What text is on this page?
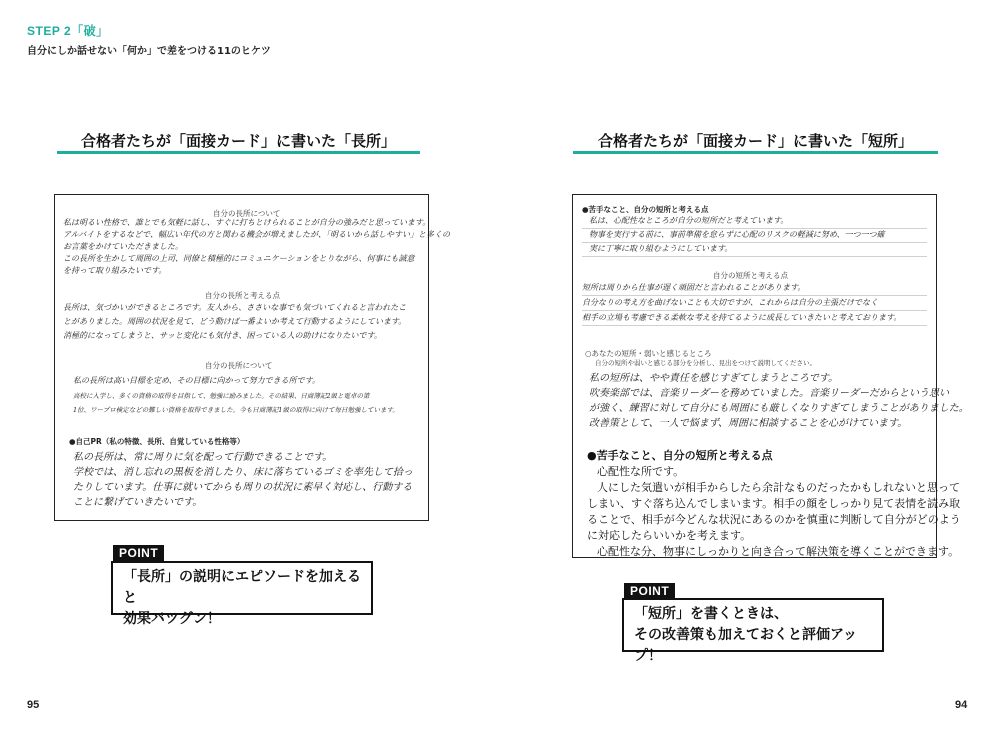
STEP 2「破」
自分にしか話せない「何か」で差をつける11のヒケツ
合格者たちが「面接カード」に書いた「長所」
自分の長所について
私は明るい性格で、誰とでも気軽に話し、すぐに打ちとけられることが自分の強みだと思っています。
アルバイトをするなどで、幅広い年代の方と関わる機会が増えましたが、「明るいから話しやすい」と多くの
お言葉をかけていただきました。
この長所を生かして周囲の上司、同僚と積極的にコミュニケーションをとりながら、何事にも誠意
を持って取り組みたいです。
自分の長所と考える点
長所は、気づかいができるところです。友人から、ささいな事でも気づいてくれると言われたこ
とがありました。周囲の状況を見て、どう動けば一番よいか考えて行動するようにしています。
消極的になってしまうと、サッと変化にも気付き、困っている人の助けになりたいです。
自分の長所について
私の長所は高い目標を定め、その目標に向かって努力できる所です。
高校に入学し、多くの資格の取得を目指して、勉強に励みました。その結果、日商簿記2級と電卓の第
1位、ワープロ検定などの難しい資格を取得できました。今も日商簿記1級の取得に向けて毎日勉強しています。
●自己PR（私の特徴、長所、自覚している性格等）
私の長所は、常に周りに気を配って行動できることです。
学校では、消し忘れの黒板を消したり、床に落ちているゴミを率先して拾っ
たりしています。仕事に就いてからも周りの状況に素早く対応し、行動する
ことに繋げていきたいです。
POINT
「長所」の説明にエピソードを加えると
効果バツグン！
95
合格者たちが「面接カード」に書いた「短所」
●苦手なこと、自分の短所と考える点
私は、心配性なところが自分の短所だと考えています。
物事を実行する前に、事前準備を怠らずに心配のリスクの軽減に努め、一つ一つ確
実に丁寧に取り組むようにしています。
自分の短所と考える点
短所は周りから仕事が遅く頑固だと言われることがあります。
自分なりの考え方を曲げないことも大切ですが、これからは自分の主張だけでなく
相手の立場も考慮できる柔軟な考えを持てるように成長していきたいと考えております。
○あなたの短所・弱いと感じるところ
自分の短所や弱いと感じる部分を分析し、見出をつけて説明してください。
私の短所は、やや責任を感じすぎてしまうところです。
吹奏楽部では、音楽リーダーを務めていました。音楽リーダーだからという思い
が強く、練習に対して自分にも周囲にも厳しくなりすぎてしまうことがありました。
改善策として、一人で悩まず、周囲に相談することを心がけています。
●苦手なこと、自分の短所と考える点
心配性な所です。
人にした気遣いが相手からしたら余計なものだったかもしれないと思って
しまい、すぐ落ち込んでしまいます。相手の顔をしっかり見て表情を読み取
ることで、相手が今どんな状況にあるのかを慎重に判断して自分がどのよう
に対応したらいいかを考えます。
心配性な分、物事にしっかりと向き合って解決策を導くことができます。
POINT
「短所」を書くときは、
その改善策も加えておくと評価アップ！
94
